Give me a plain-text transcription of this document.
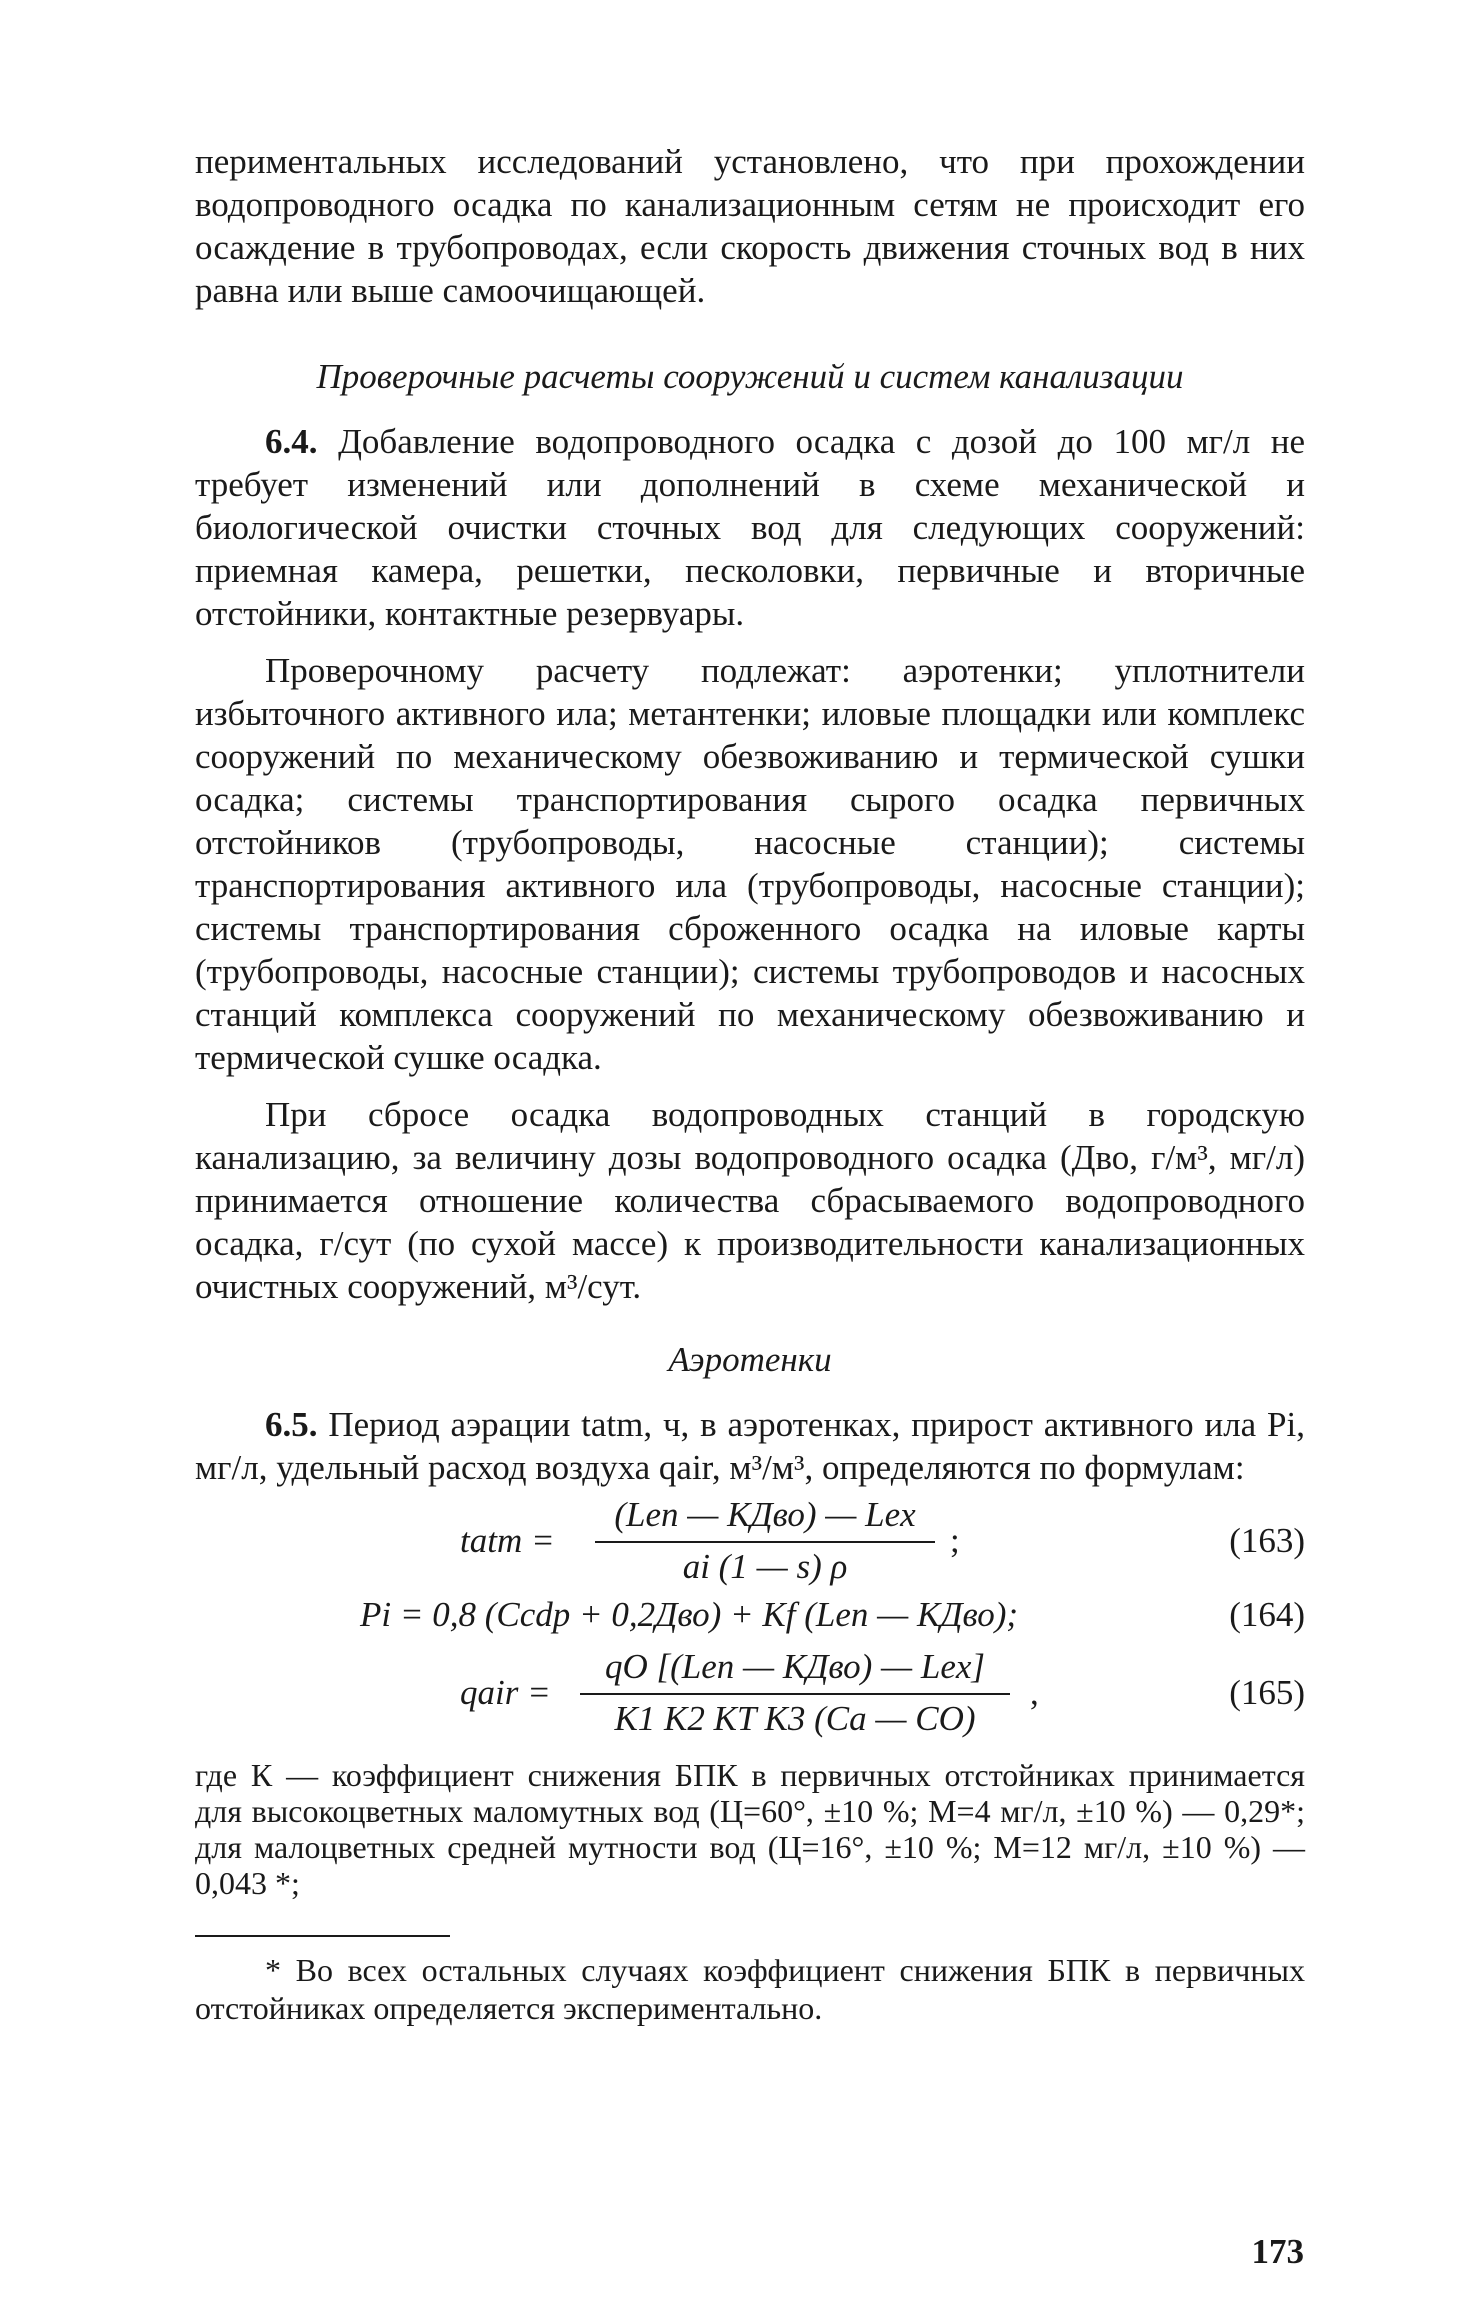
периментальных исследований установлено, что при прохождении водопроводного осадка по канализационным сетям не происходит его осаждение в трубопроводах, если скорость движения сточных вод в них равна или выше самоочищающей.

Проверочные расчеты сооружений и систем канализации

6.4. Добавление водопроводного осадка с дозой до 100 мг/л не требует изменений или дополнений в схеме механической и биологической очистки сточных вод для следующих сооружений: приемная камера, решетки, песколовки, первичные и вторичные отстойники, контактные резервуары.

Проверочному расчету подлежат: аэротенки; уплотнители избыточного активного ила; метантенки; иловые площадки или комплекс сооружений по механическому обезвоживанию и термической сушки осадка; системы транспортирования сырого осадка первичных отстойников (трубопроводы, насосные станции); системы транспортирования активного ила (трубопроводы, насосные станции); системы транспортирования сброженного осадка на иловые карты (трубопроводы, насосные станции); системы трубопроводов и насосных станций комплекса сооружений по механическому обезвоживанию и термической сушке осадка.

При сбросе осадка водопроводных станций в городскую канализацию, за величину дозы водопроводного осадка (Дво, г/м³, мг/л) принимается отношение количества сбрасываемого водопроводного осадка, г/сут (по сухой массе) к производительности канализационных очистных сооружений, м³/сут.

Аэротенки

6.5. Период аэрации tatm, ч, в аэротенках, прирост активного ила Pi, мг/л, удельный расход воздуха qair, м³/м³, определяются по формулам:

tatm =
(Len — КДво) — Lex
ai (1 — s) ρ
;	(163)
Pi = 0,8 (Ccdp + 0,2Дво) + Kf (Len — КДво);	(164)
qair =
qO [(Len — КДво) — Lex]
K1 K2 KT K3 (Ca — CO)
,	(165)

где К — коэффициент снижения БПК в первичных отстойниках принимается для высокоцветных маломутных вод (Ц=60°, ±10 %; М=4 мг/л, ±10 %) — 0,29*; для малоцветных средней мутности вод (Ц=16°, ±10 %; М=12 мг/л, ±10 %) — 0,043 *;

* Во всех остальных случаях коэффициент снижения БПК в первичных отстойниках определяется экспериментально.

173
